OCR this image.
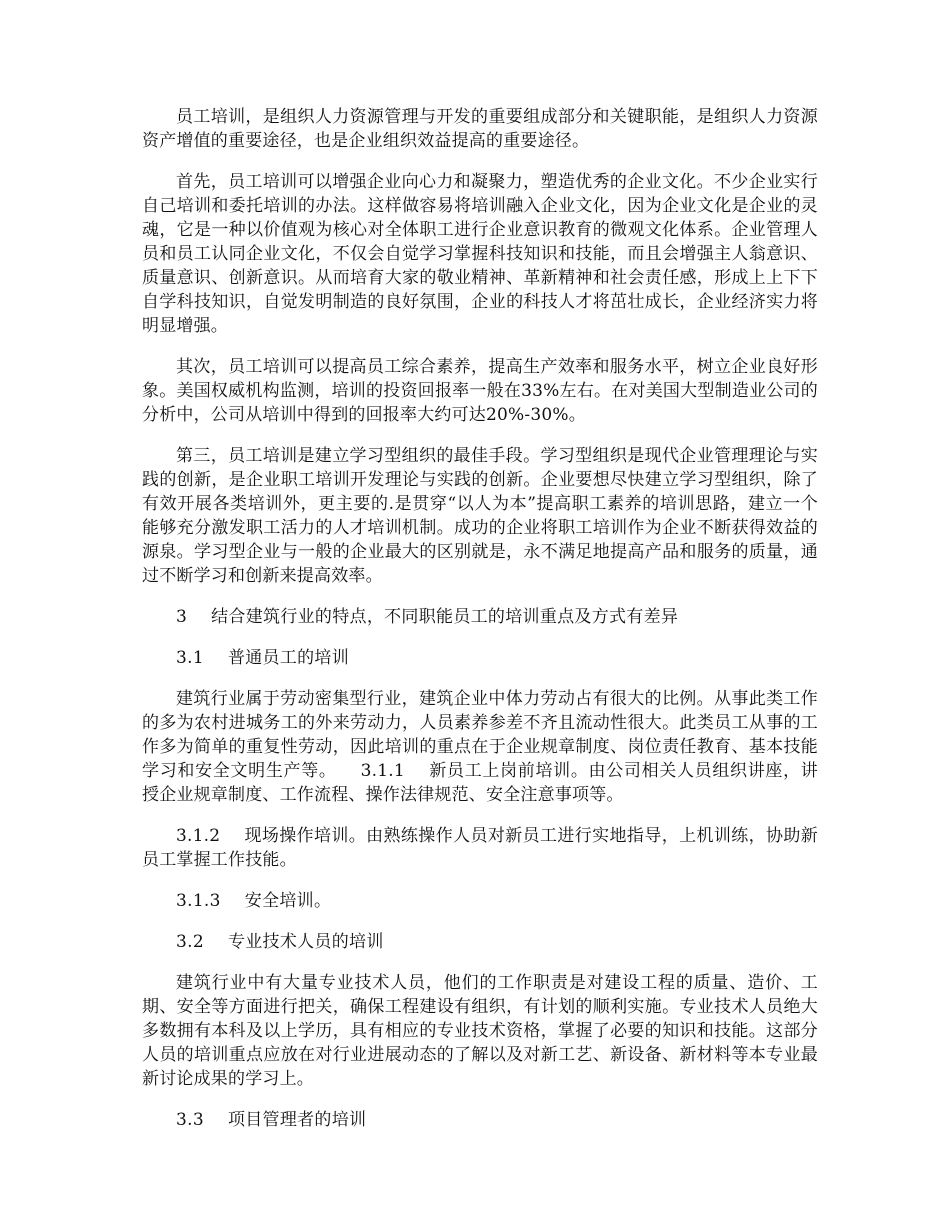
员工培训，是组织人力资源管理与开发的重要组成部分和关键职能，是组织人力资源资产增值的重要途径，也是企业组织效益提高的重要途径。

首先，员工培训可以增强企业向心力和凝聚力，塑造优秀的企业文化。不少企业实行自己培训和委托培训的办法。这样做容易将培训融入企业文化，因为企业文化是企业的灵魂，它是一种以价值观为核心对全体职工进行企业意识教育的微观文化体系。企业管理人员和员工认同企业文化，不仅会自觉学习掌握科技知识和技能，而且会增强主人翁意识、质量意识、创新意识。从而培育大家的敬业精神、革新精神和社会责任感，形成上上下下自学科技知识，自觉发明制造的良好氛围，企业的科技人才将茁壮成长，企业经济实力将明显增强。

其次，员工培训可以提高员工综合素养，提高生产效率和服务水平，树立企业良好形象。美国权威机构监测，培训的投资回报率一般在33%左右。在对美国大型制造业公司的分析中，公司从培训中得到的回报率大约可达20%-30%。

第三，员工培训是建立学习型组织的最佳手段。学习型组织是现代企业管理理论与实践的创新，是企业职工培训开发理论与实践的创新。企业要想尽快建立学习型组织，除了有效开展各类培训外，更主要的.是贯穿“以人为本”提高职工素养的培训思路，建立一个能够充分激发职工活力的人才培训机制。成功的企业将职工培训作为企业不断获得效益的源泉。学习型企业与一般的企业最大的区别就是，永不满足地提高产品和服务的质量，通过不断学习和创新来提高效率。

3 结合建筑行业的特点，不同职能员工的培训重点及方式有差异

3.1 普通员工的培训

建筑行业属于劳动密集型行业，建筑企业中体力劳动占有很大的比例。从事此类工作的多为农村进城务工的外来劳动力，人员素养参差不齐且流动性很大。此类员工从事的工作多为简单的重复性劳动，因此培训的重点在于企业规章制度、岗位责任教育、基本技能学习和安全文明生产等。 3.1.1 新员工上岗前培训。由公司相关人员组织讲座，讲授企业规章制度、工作流程、操作法律规范、安全注意事项等。

3.1.2 现场操作培训。由熟练操作人员对新员工进行实地指导，上机训练，协助新员工掌握工作技能。

3.1.3 安全培训。

3.2 专业技术人员的培训

建筑行业中有大量专业技术人员，他们的工作职责是对建设工程的质量、造价、工期、安全等方面进行把关，确保工程建设有组织，有计划的顺利实施。专业技术人员绝大多数拥有本科及以上学历，具有相应的专业技术资格，掌握了必要的知识和技能。这部分人员的培训重点应放在对行业进展动态的了解以及对新工艺、新设备、新材料等本专业最新讨论成果的学习上。

3.3 项目管理者的培训
